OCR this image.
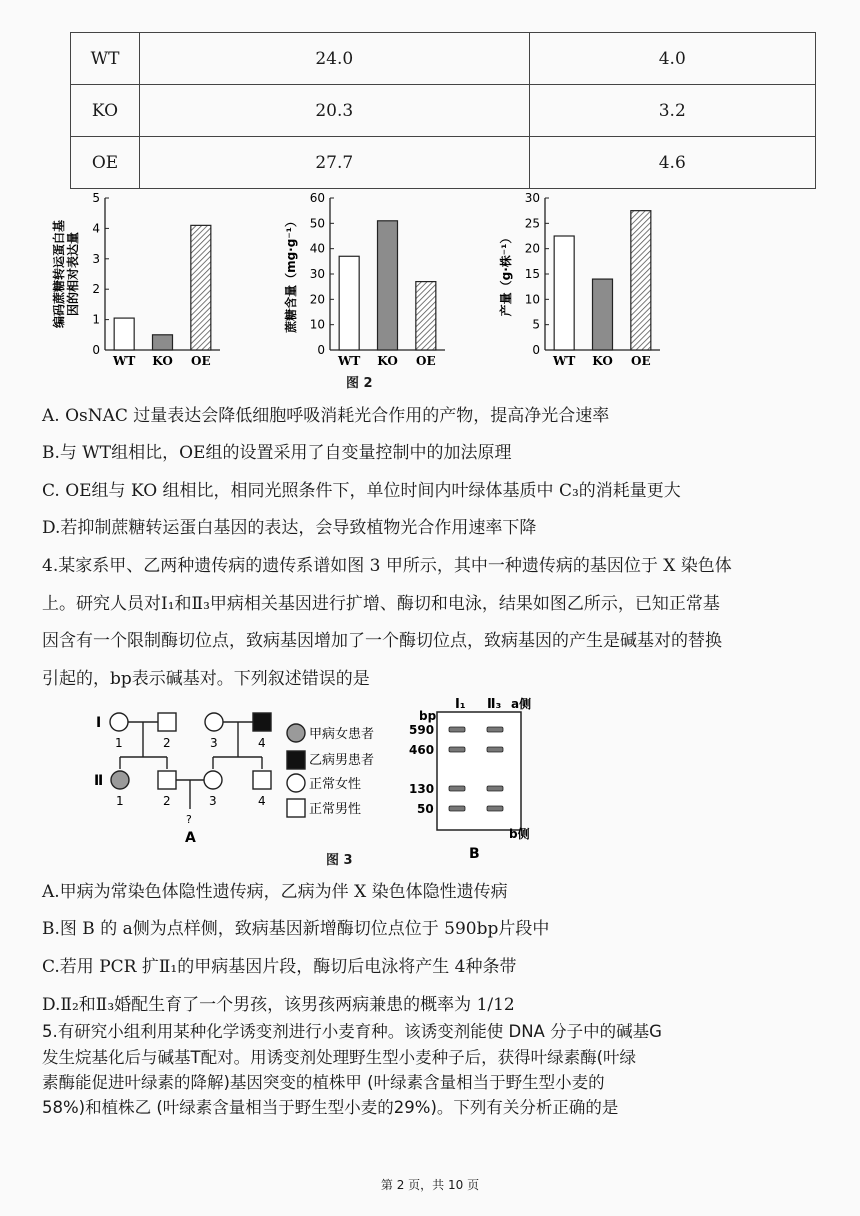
WT	24.0	4.0
KO	20.3	3.2
OE	27.7	4.6
0
1
2
3
4
5
WT KO OE
编码蔗糖转运蛋白基因的相对表达量
0
10
20
30
40
50
60
WT KO OE
蔗糖含量（mg·g⁻¹）
0
5
10
15
20
25
30
WT KO OE
产量（g·株⁻¹）
图 2
A. OsNAC 过量表达会降低细胞呼吸消耗光合作用的产物，提高净光合速率
B.与 WT组相比，OE组的设置采用了自变量控制中的加法原理
C. OE组与 KO 组相比，相同光照条件下，单位时间内叶绿体基质中 C₃的消耗量更大
D.若抑制蔗糖转运蛋白基因的表达，会导致植物光合作用速率下降
4.某家系甲、乙两种遗传病的遗传系谱如图 3 甲所示，其中一种遗传病的基因位于 X 染色体
上。研究人员对Ⅰ₁和Ⅱ₃甲病相关基因进行扩增、酶切和电泳，结果如图乙所示，已知正常基
因含有一个限制酶切位点，致病基因增加了一个酶切位点，致病基因的产生是碱基对的替换
引起的，bp表示碱基对。下列叙述错误的是
I
Ⅱ
1	2	3	4
1	2	3	4
?
A
甲病女患者
乙病男患者
正常女性
正常男性
bp
Ⅰ₁ Ⅱ₃ a侧
b侧
590
460
130
50
B
图 3
A.甲病为常染色体隐性遗传病，乙病为伴 X 染色体隐性遗传病
B.图 B 的 a侧为点样侧，致病基因新增酶切位点位于 590bp片段中
C.若用 PCR 扩Ⅱ₁的甲病基因片段，酶切后电泳将产生 4种条带
D.Ⅱ₂和Ⅱ₃婚配生育了一个男孩，该男孩两病兼患的概率为 1/12
5.有研究小组利用某种化学诱变剂进行小麦育种。该诱变剂能使 DNA 分子中的碱基G
发生烷基化后与碱基T配对。用诱变剂处理野生型小麦种子后，获得叶绿素酶(叶绿
素酶能促进叶绿素的降解)基因突变的植株甲 (叶绿素含量相当于野生型小麦的
58%)和植株乙 (叶绿素含量相当于野生型小麦的29%)。下列有关分析正确的是
第 2 页，共 10 页
